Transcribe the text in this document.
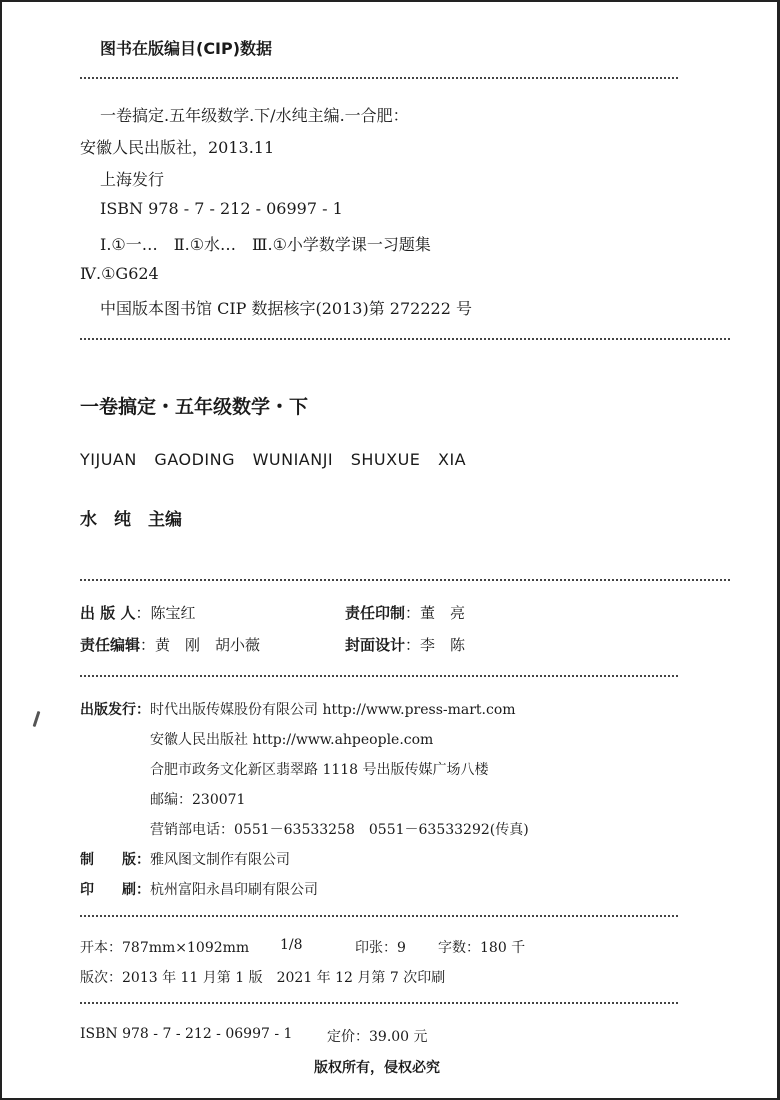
图书在版编目(CIP)数据
一卷搞定.五年级数学.下/水纯主编.一合肥：
安徽人民出版社，2013.11
上海发行
ISBN 978 - 7 - 212 - 06997 - 1
Ⅰ.①一…　Ⅱ.①水…　Ⅲ.①小学数学课一习题集
Ⅳ.①G624
中国版本图书馆 CIP 数据核字(2013)第 272222 号
一卷搞定・五年级数学・下
YIJUAN GAODING WUNIANJI SHUXUE XIA
水　纯　主编
出 版 人：陈宝红	责任印制：董　亮
责任编辑：黄　刚　胡小薇	封面设计：李　陈
出版发行：时代出版传媒股份有限公司 http://www.press-mart.com
安徽人民出版社 http://www.ahpeople.com
合肥市政务文化新区翡翠路 1118 号出版传媒广场八楼
邮编：230071
营销部电话：0551－63533258　0551－63533292(传真)
制　　版：雅风图文制作有限公司
印　　刷：杭州富阳永昌印刷有限公司
开本：787mm×1092mm 1/8	印张：9 字数：180 千
版次：2013 年 11 月第 1 版　2021 年 12 月第 7 次印刷
ISBN 978 - 7 - 212 - 06997 - 1 定价：39.00 元
版权所有，侵权必究
